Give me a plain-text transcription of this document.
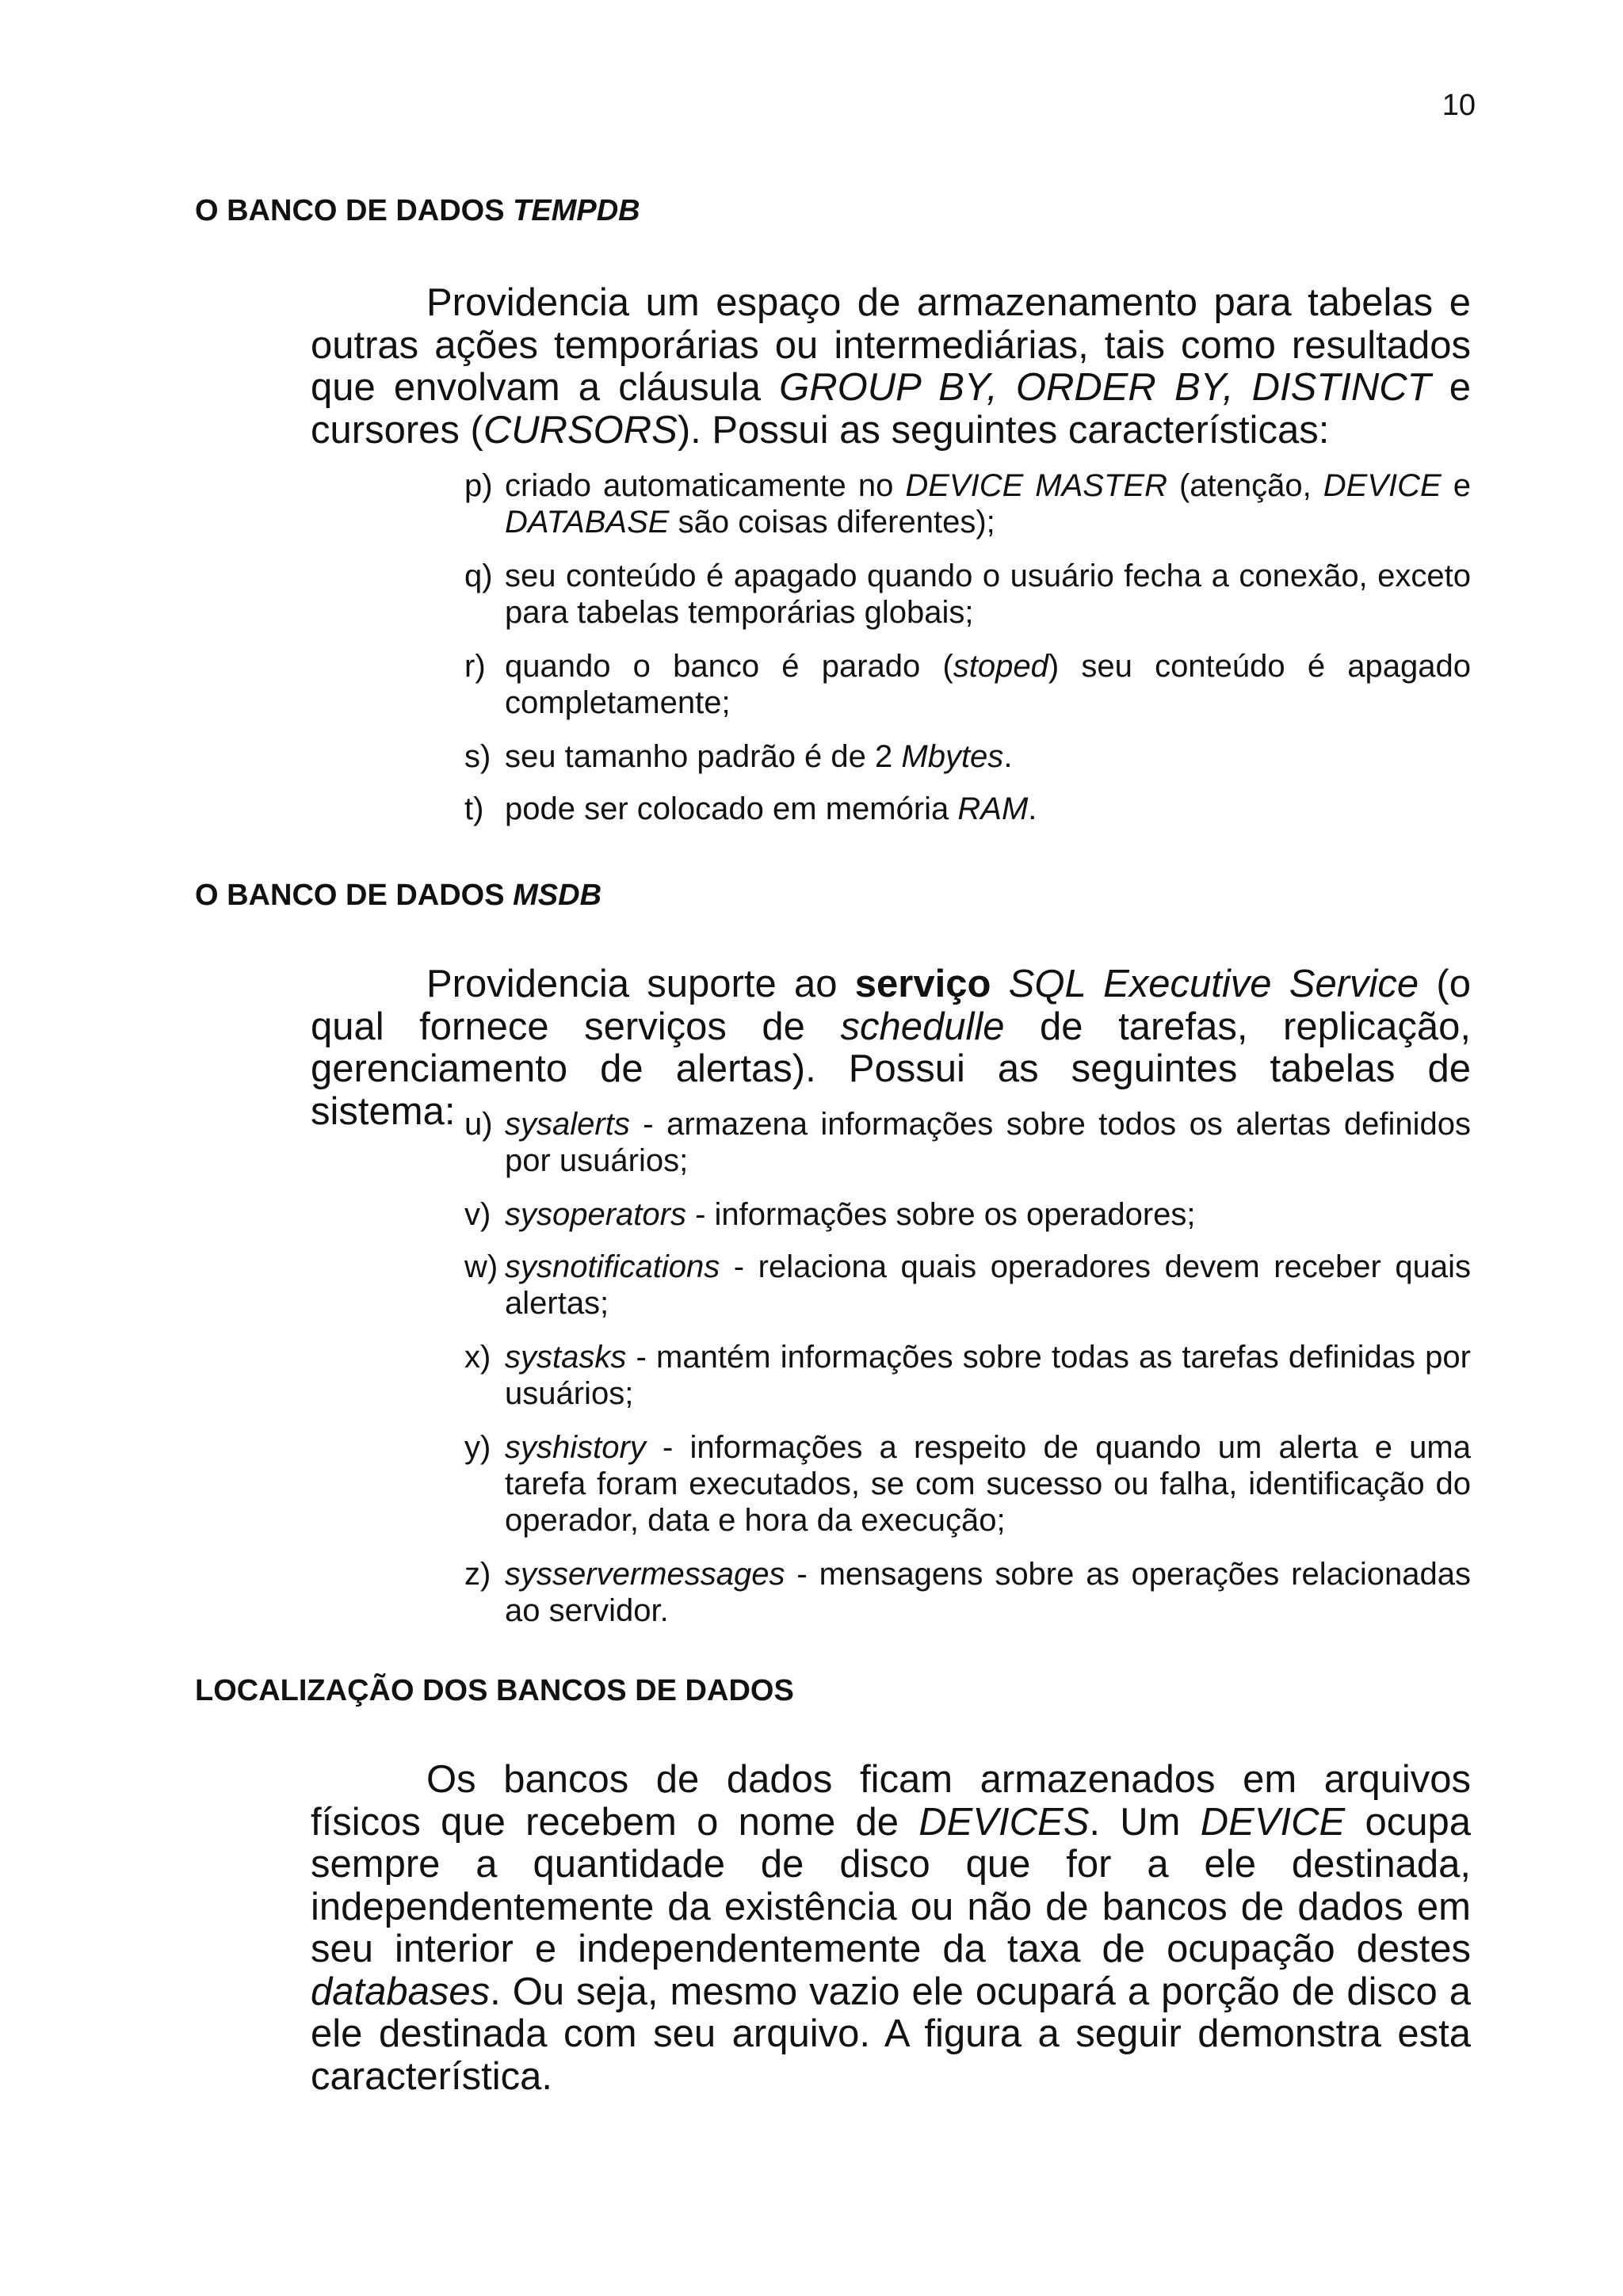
10
O BANCO DE DADOS TEMPDB

Providencia um espaço de armazenamento para tabelas e outras ações temporárias ou intermediárias, tais como resultados que envolvam a cláusula GROUP BY, ORDER BY, DISTINCT e cursores (CURSORS). Possui as seguintes características:

p) criado automaticamente no DEVICE MASTER (atenção, DEVICE e DATABASE são coisas diferentes);
q) seu conteúdo é apagado quando o usuário fecha a conexão, exceto para tabelas temporárias globais;
r) quando o banco é parado (stoped) seu conteúdo é apagado completamente;
s) seu tamanho padrão é de 2 Mbytes.
t) pode ser colocado em memória RAM.
O BANCO DE DADOS MSDB

Providencia suporte ao serviço SQL Executive Service (o qual fornece serviços de schedulle de tarefas, replicação, gerenciamento de alertas). Possui as seguintes tabelas de sistema: u) sysalerts - armazena informações sobre todos os alertas definidos por usuários;
v) sysoperators - informações sobre os operadores;
w) sysnotifications - relaciona quais operadores devem receber quais alertas;
x) systasks - mantém informações sobre todas as tarefas definidas por usuários;
y) syshistory - informações a respeito de quando um alerta e uma tarefa foram executados, se com sucesso ou falha, identificação do operador, data e hora da execução;
z) sysservermessages - mensagens sobre as operações relacionadas ao servidor.
LOCALIZAÇÃO DOS BANCOS DE DADOS

Os bancos de dados ficam armazenados em arquivos físicos que recebem o nome de DEVICES. Um DEVICE ocupa sempre a quantidade de disco que for a ele destinada, independentemente da existência ou não de bancos de dados em seu interior e independentemente da taxa de ocupação destes databases. Ou seja, mesmo vazio ele ocupará a porção de disco a ele destinada com seu arquivo. A figura a seguir demonstra esta característica.
